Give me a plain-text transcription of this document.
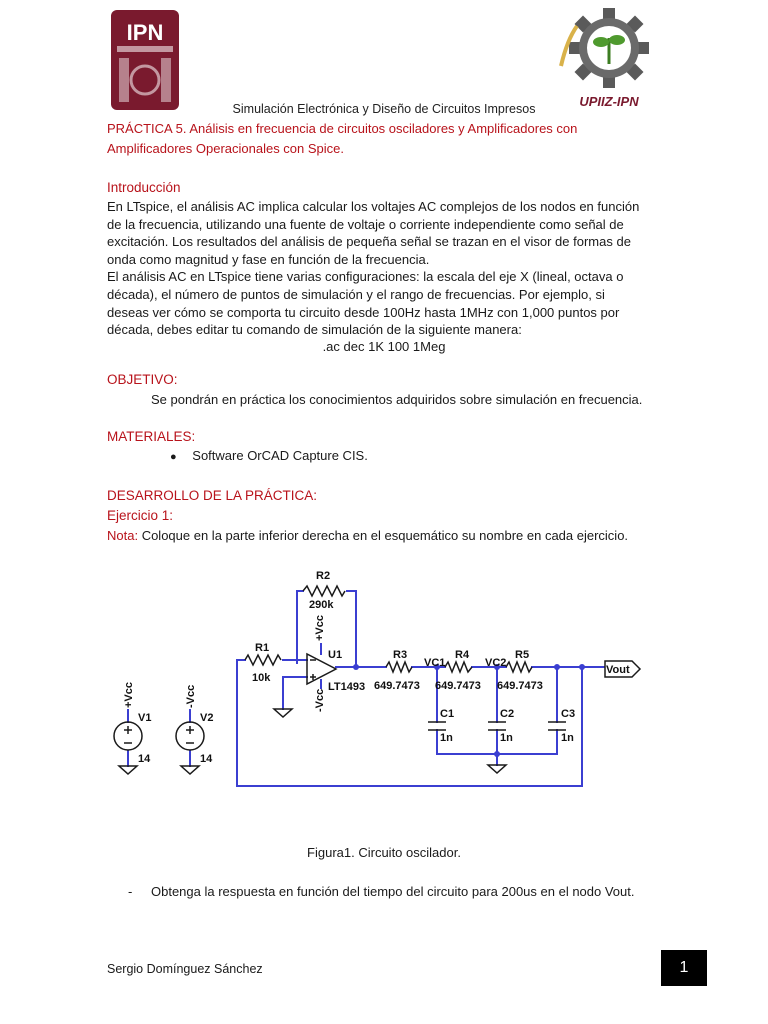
IPN
UPIIZ-IPN
Simulación Electrónica y Diseño de Circuitos Impresos
PRÁCTICA 5. Análisis en frecuencia de circuitos osciladores y Amplificadores con
Amplificadores Operacionales con Spice.
Introducción
En LTspice, el análisis AC implica calcular los voltajes AC complejos de los nodos en función
de la frecuencia, utilizando una fuente de voltaje o corriente independiente como señal de
excitación. Los resultados del análisis de pequeña señal se trazan en el visor de formas de
onda como magnitud y fase en función de la frecuencia.
El análisis AC en LTspice tiene varias configuraciones: la escala del eje X (lineal, octava o
década), el número de puntos de simulación y el rango de frecuencias. Por ejemplo, si
deseas ver cómo se comporta tu circuito desde 100Hz hasta 1MHz con 1,000 puntos por
década, debes editar tu comando de simulación de la siguiente manera:
.ac dec 1K 100 1Meg
OBJETIVO:
Se pondrán en práctica los conocimientos adquiridos sobre simulación en frecuencia.
MATERIALES:
● Software OrCAD Capture CIS.
DESARROLLO DE LA PRÁCTICA:
Ejercicio 1:
Nota: Coloque en la parte inferior derecha en el esquemático su nombre en cada ejercicio.
R2
290k
R1
10k
U1
LT1493
+Vcc
-Vcc
R3
649.7473
VC1
R4
649.7473
VC2
R5
649.7473
C1
1n
C2
1n
C3
1n
Vout
V1
14
V2
14
+Vcc	-Vcc
Figura1. Circuito oscilador.
- Obtenga la respuesta en función del tiempo del circuito para 200us en el nodo Vout.
Sergio Domínguez Sánchez	1
